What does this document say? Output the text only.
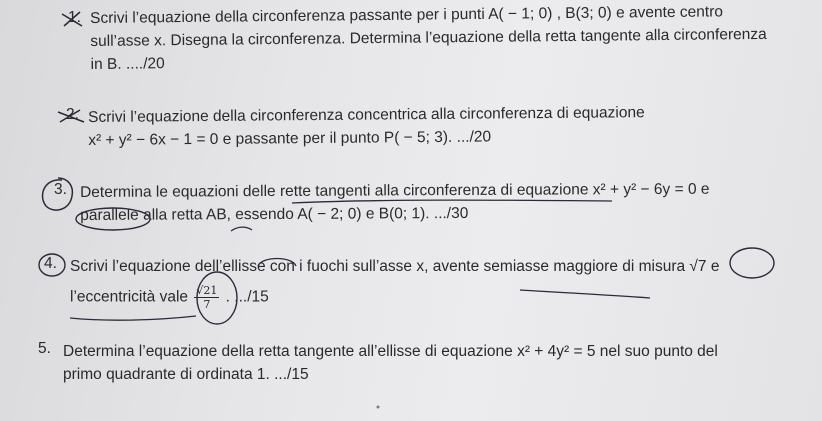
1. Scrivi l’equazione della circonferenza passante per i punti A( − 1; 0) , B(3; 0) e avente centro
sull’asse x. Disegna la circonferenza. Determina l’equazione della retta tangente alla circonferenza
in B. ..../20
2. Scrivi l’equazione della circonferenza concentrica alla circonferenza di equazione
x² + y² − 6x − 1 = 0 e passante per il punto P( − 5; 3). .../20
3. Determina le equazioni delle rette tangenti alla circonferenza di equazione x² + y² − 6y = 0 e
parallele alla retta AB, essendo A( − 2; 0) e B(0; 1). .../30
4. Scrivi l’equazione dell’ellisse con i fuochi sull’asse x, avente semiasse maggiore di misura √7 e
l’eccentricità vale $\frac{√21}{7}$ . .../15
5. Determina l’equazione della retta tangente all’ellisse di equazione x² + 4y² = 5 nel suo punto del
primo quadrante di ordinata 1. .../15
